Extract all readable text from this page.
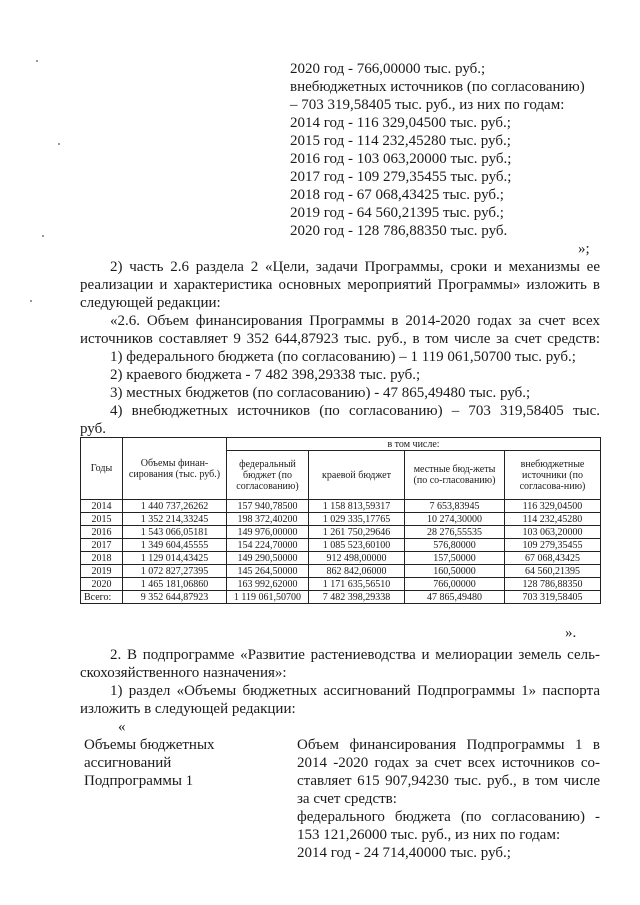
2020 год - 766,00000 тыс. руб.;
внебюджетных источников (по согласованию)
– 703 319,58405 тыс. руб., из них по годам:
2014 год - 116 329,04500 тыс. руб.;
2015 год - 114 232,45280 тыс. руб.;
2016 год - 103 063,20000 тыс. руб.;
2017 год - 109 279,35455 тыс. руб.;
2018 год - 67 068,43425 тыс. руб.;
2019 год - 64 560,21395 тыс. руб.;
2020 год - 128 786,88350 тыс. руб.
»;
2) часть 2.6 раздела 2 «Цели, задачи Программы, сроки и механизмы ее
реализации и характеристика основных мероприятий Программы» изложить в
следующей редакции:
«2.6. Объем финансирования Программы в 2014-2020 годах за счет всех
источников составляет 9 352 644,87923 тыс. руб., в том числе за счет средств:
1) федерального бюджета (по согласованию) – 1 119 061,50700 тыс. руб.;
2) краевого бюджета - 7 482 398,29338 тыс. руб.;
3) местных бюджетов (по согласованию) - 47 865,49480 тыс. руб.;
4) внебюджетных источников (по согласованию) – 703 319,58405 тыс.
руб.
Годы	Объемы финан-сирования (тыс. руб.)	в том числе:			
		федеральный бюджет (по согласованию)	краевой бюджет	местные бюд-жеты (по со-гласованию)	внебюджетные источники (по согласова-нию)
2014	1 440 737,26262	157 940,78500	1 158 813,59317	7 653,83945	116 329,04500
2015	1 352 214,33245	198 372,40200	1 029 335,17765	10 274,30000	114 232,45280
2016	1 543 066,05181	149 976,00000	1 261 750,29646	28 276,55535	103 063,20000
2017	1 349 604,45555	154 224,70000	1 085 523,60100	576,80000	109 279,35455
2018	1 129 014,43425	149 290,50000	912 498,00000	157,50000	67 068,43425
2019	1 072 827,27395	145 264,50000	862 842,06000	160,50000	64 560,21395
2020	1 465 181,06860	163 992,62000	1 171 635,56510	766,00000	128 786,88350
Всего:	9 352 644,87923	1 119 061,50700	7 482 398,29338	47 865,49480	703 319,58405
».
2. В подпрограмме «Развитие растениеводства и мелиорации земель сель-
скохозяйственного назначения»:
1) раздел «Объемы бюджетных ассигнований Подпрограммы 1» паспорта
изложить в следующей редакции:
«
Объемы бюджетных
ассигнований
Подпрограммы 1
Объем финансирования Подпрограммы 1 в
2014 -2020 годах за счет всех источников со-
ставляет 615 907,94230 тыс. руб., в том числе
за счет средств:
федерального бюджета (по согласованию) -
153 121,26000 тыс. руб., из них по годам:
2014 год - 24 714,40000 тыс. руб.;
